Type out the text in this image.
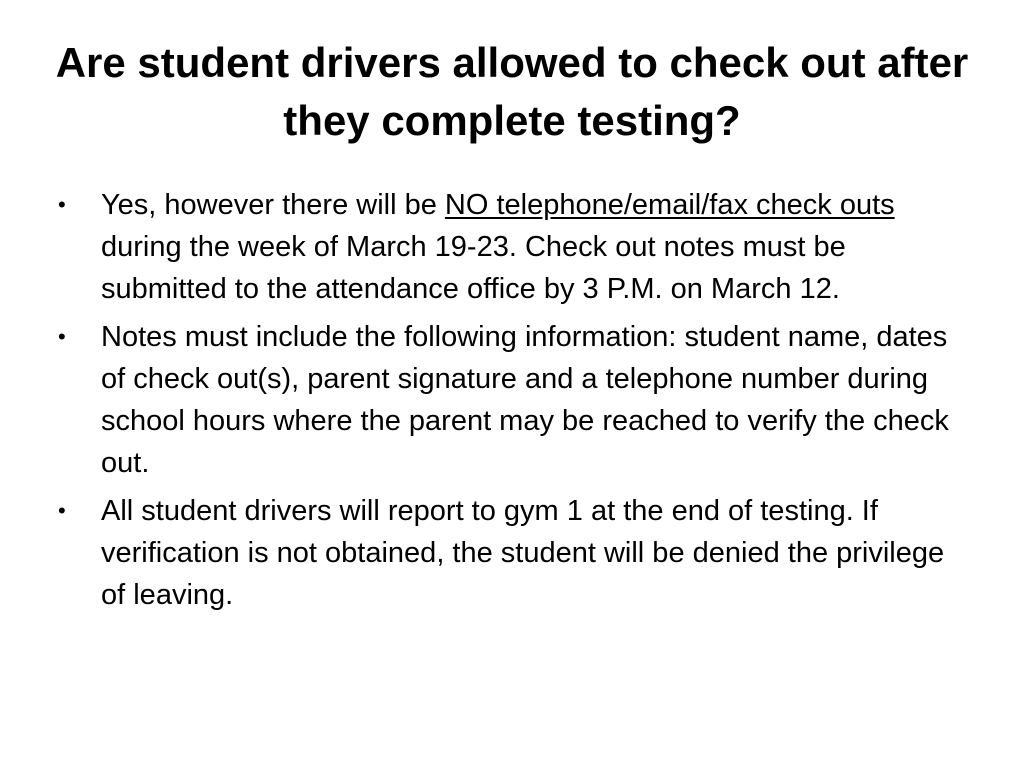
Are student drivers allowed to check out after they complete testing?
•	Yes, however there will be NO telephone/email/fax check outs during the week of March 19-23. Check out notes must be submitted to the attendance office by 3 P.M. on March 12.
•	Notes must include the following information: student name, dates of check out(s), parent signature and a telephone number during school hours where the parent may be reached to verify the check out.
•	All student drivers will report to gym 1 at the end of testing. If verification is not obtained, the student will be denied the privilege of leaving.
